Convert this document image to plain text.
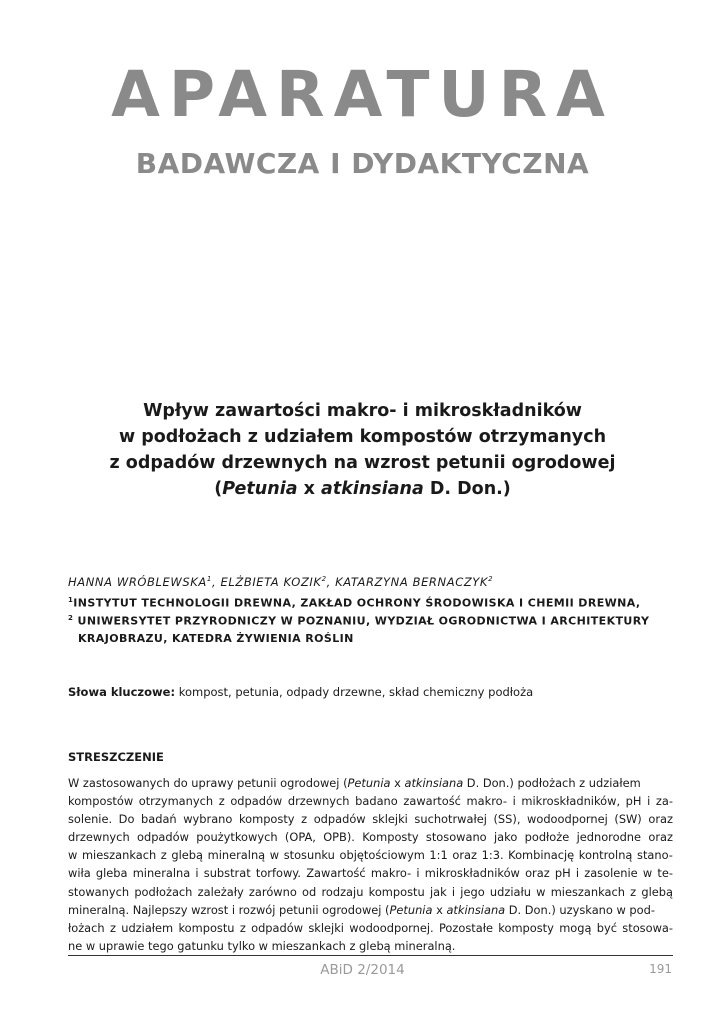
APARATURA
BADAWCZA I DYDAKTYCZNA
Wpływ zawartości makro- i mikroskładników
w podłożach z udziałem kompostów otrzymanych
z odpadów drzewnych na wzrost petunii ogrodowej
(Petunia x atkinsiana D. Don.)
HANNA WRÓBLEWSKA$^1$, ELŻBIETA KOZIK$^2$, KATARZYNA BERNACZYK$^2$
$^1$INSTYTUT TECHNOLOGII DREWNA, ZAKŁAD OCHRONY ŚRODOWISKA I CHEMII DREWNA,
$^2$ UNIWERSYTET PRZYRODNICZY W POZNANIU, WYDZIAŁ OGRODNICTWA I ARCHITEKTURY
KRAJOBRAZU, KATEDRA ŻYWIENIA ROŚLIN
Słowa kluczowe: kompost, petunia, odpady drzewne, skład chemiczny podłoża
STRESZCZENIE
W zastosowanych do uprawy petunii ogrodowej (Petunia x atkinsiana D. Don.) podłożach z udziałem
kompostów otrzymanych z odpadów drzewnych badano zawartość makro- i mikroskładników, pH i za-
solenie. Do badań wybrano komposty z odpadów sklejki suchotrwałej (SS), wodoodpornej (SW) oraz
drzewnych odpadów poużytkowych (OPA, OPB). Komposty stosowano jako podłoże jednorodne oraz
w mieszankach z glebą mineralną w stosunku objętościowym 1:1 oraz 1:3. Kombinację kontrolną stano-
wiła gleba mineralna i substrat torfowy. Zawartość makro- i mikroskładników oraz pH i zasolenie w te-
stowanych podłożach zależały zarówno od rodzaju kompostu jak i jego udziału w mieszankach z glebą
mineralną. Najlepszy wzrost i rozwój petunii ogrodowej (Petunia x atkinsiana D. Don.) uzyskano w pod-
łożach z udziałem kompostu z odpadów sklejki wodoodpornej. Pozostałe komposty mogą być stosowa-
ne w uprawie tego gatunku tylko w mieszankach z glebą mineralną.
ABiD 2/2014	191
